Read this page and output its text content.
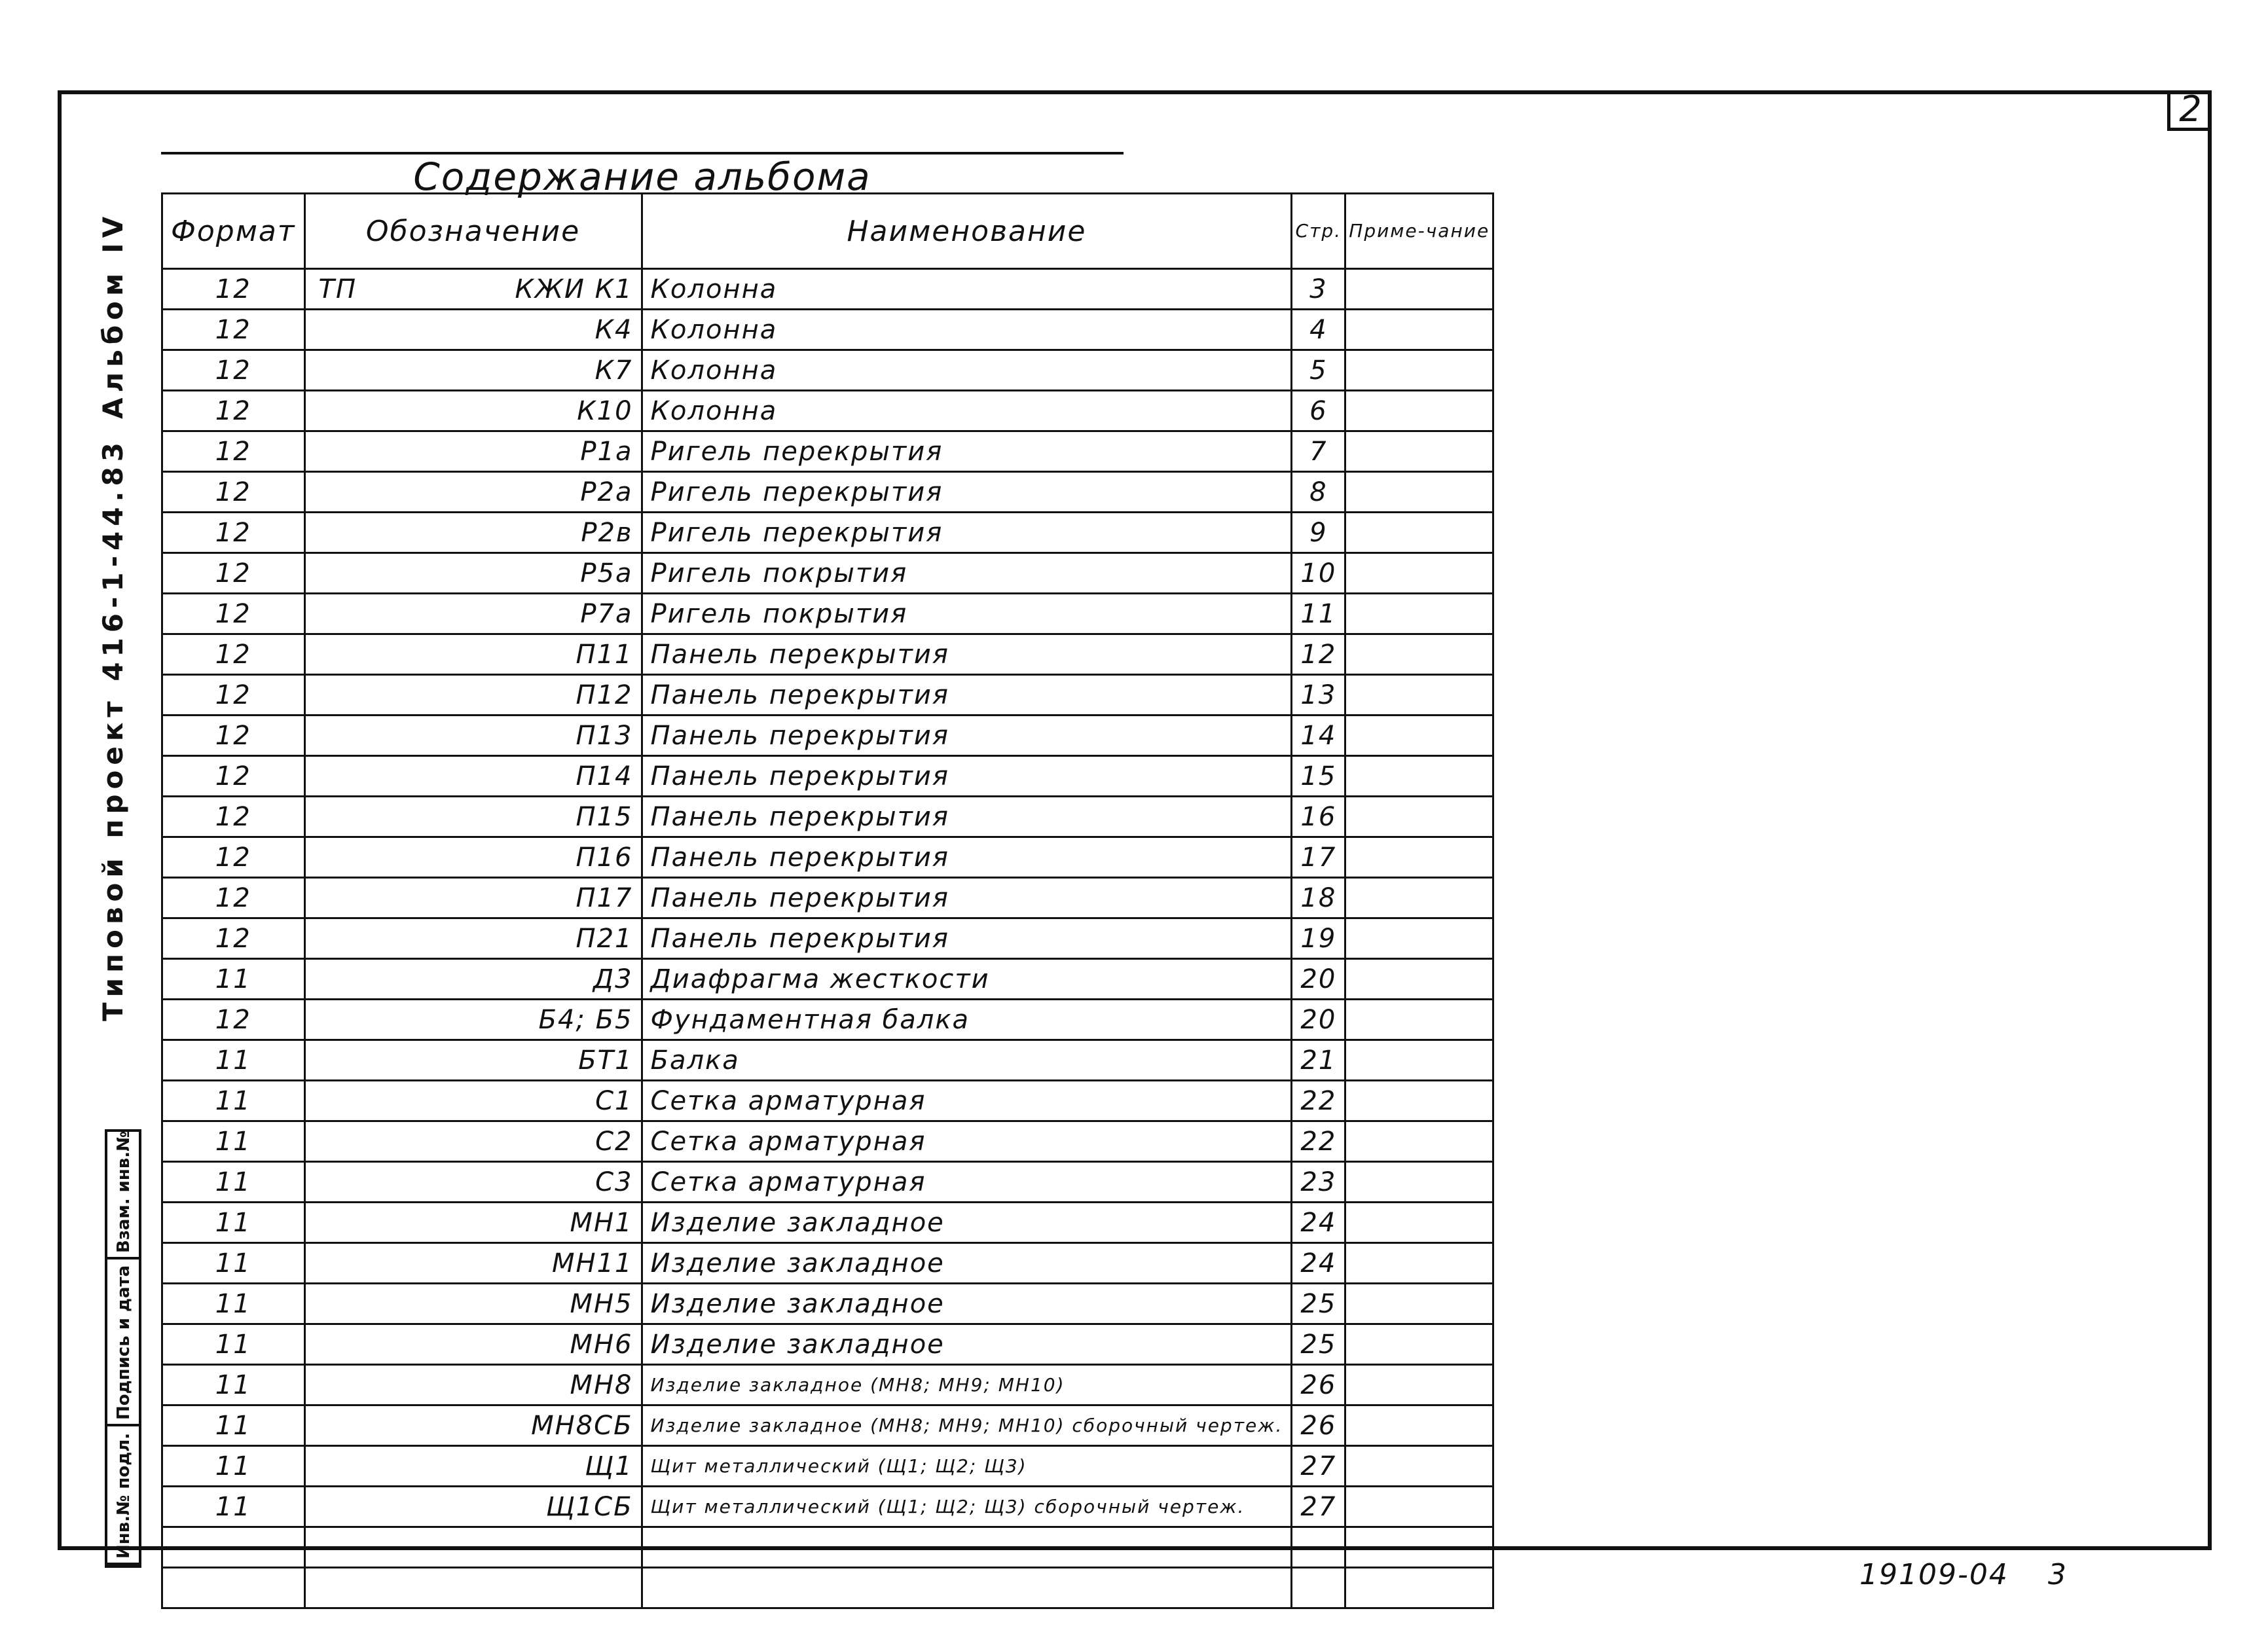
2
Типовой проект 416-1-44.83
Альбом IV
Инв.№ подл.
Подпись и дата
Взам. инв.№
Содержание альбома
Формат	Обозначение	Наименование	Стр.	Приме-чание
12	ТП КЖИ К1	Колонна	3	
12	К4	Колонна	4	
12	К7	Колонна	5	
12	К10	Колонна	6	
12	Р1а	Ригель перекрытия	7	
12	Р2а	Ригель перекрытия	8	
12	Р2в	Ригель перекрытия	9	
12	Р5а	Ригель покрытия	10	
12	Р7а	Ригель покрытия	11	
12	П11	Панель перекрытия	12	
12	П12	Панель перекрытия	13	
12	П13	Панель перекрытия	14	
12	П14	Панель перекрытия	15	
12	П15	Панель перекрытия	16	
12	П16	Панель перекрытия	17	
12	П17	Панель перекрытия	18	
12	П21	Панель перекрытия	19	
11	Д3	Диафрагма жесткости	20	
12	Б4; Б5	Фундаментная балка	20	
11	БТ1	Балка	21	
11	С1	Сетка арматурная	22	
11	С2	Сетка арматурная	22	
11	С3	Сетка арматурная	23	
11	МН1	Изделие закладное	24	
11	МН11	Изделие закладное	24	
11	МН5	Изделие закладное	25	
11	МН6	Изделие закладное	25	
11	МН8	Изделие закладное (МН8; МН9; МН10)	26	
11	МН8СБ	Изделие закладное (МН8; МН9; МН10) сборочный чертеж.	26	
11	Щ1	Щит металлический (Щ1; Щ2; Щ3)	27	
11	Щ1СБ	Щит металлический (Щ1; Щ2; Щ3) сборочный чертеж.	27	

19109-04 3
